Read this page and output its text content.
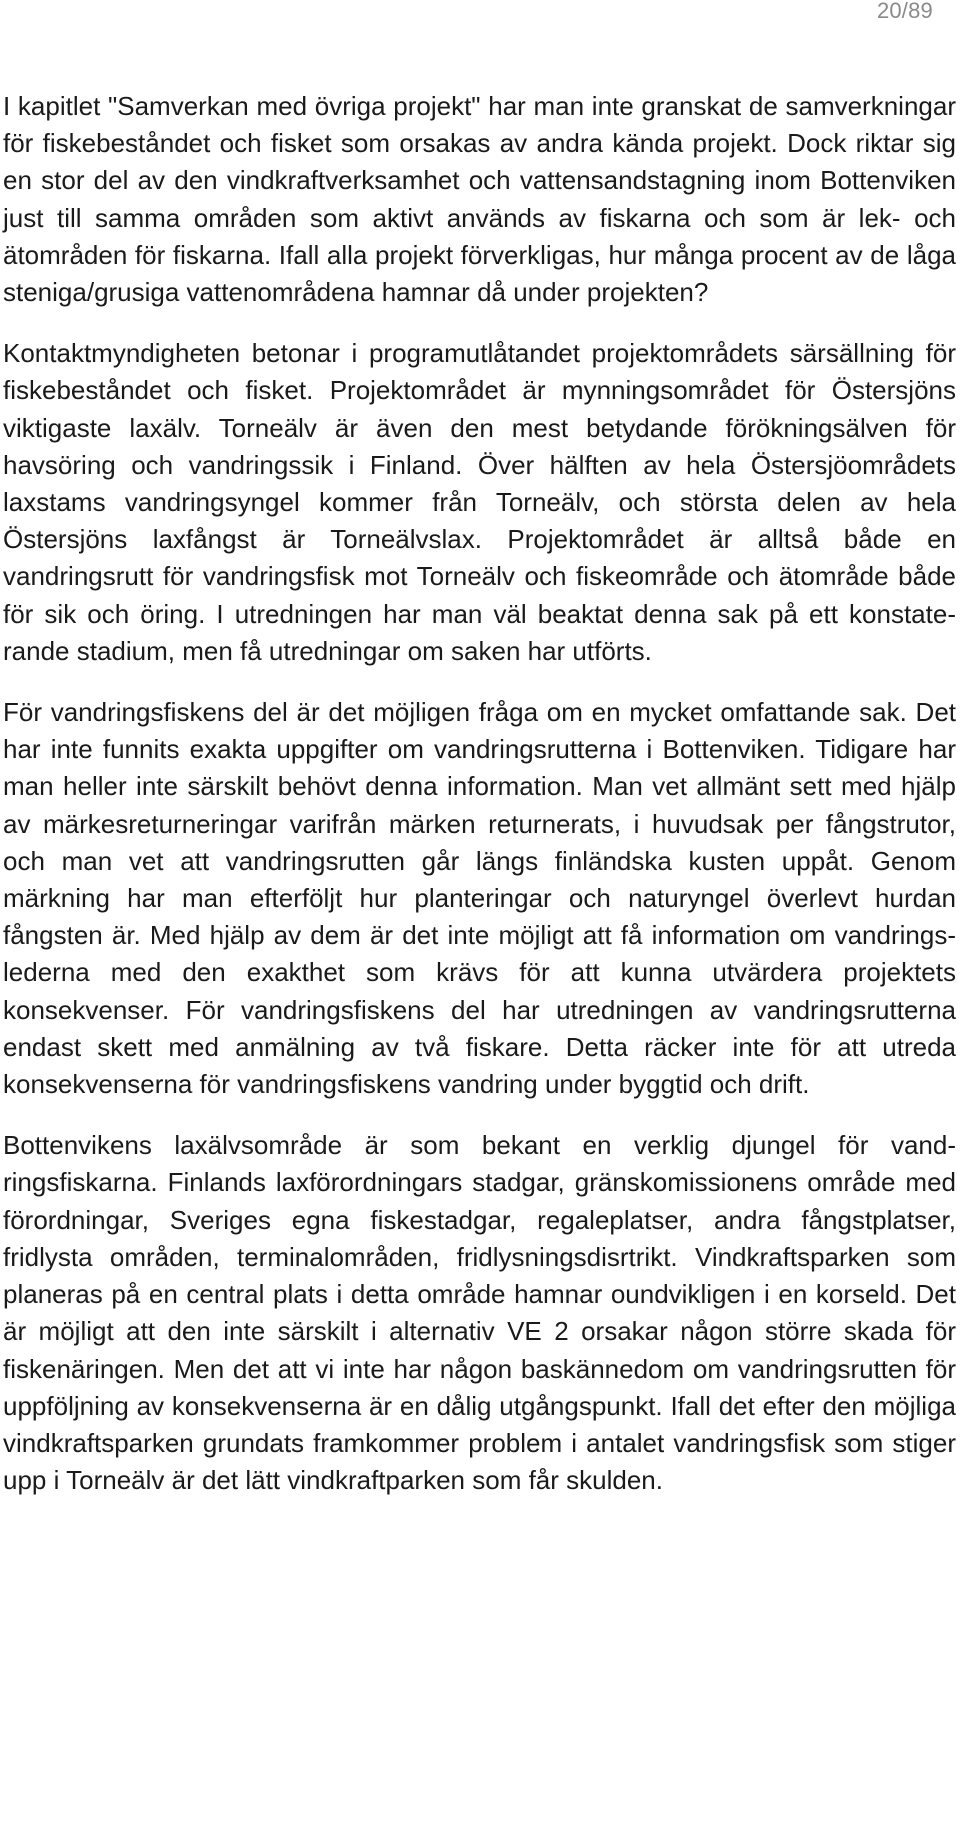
20/89

I kapitlet "Samverkan med övriga projekt" har man inte granskat de samverkningar för fiskebeståndet och fisket som orsakas av andra kända projekt. Dock riktar sig en stor del av den vindkraftverksamhet och vattensandstagning inom Bottenviken just till samma områden som aktivt används av fiskarna och som är lek- och ätområden för fiskarna. Ifall alla projekt förverkligas, hur många procent av de låga steniga/grusiga vattenområdena hamnar då under projekten?

Kontaktmyndigheten betonar i programutlåtandet projektområdets särsällning för fiskebeståndet och fisket. Projektområdet är mynningsområdet för Östersjöns viktigaste laxälv. Torneälv är även den mest betydande förökningsälven för havsöring och vandringssik i Finland. Över hälften av hela Östersjöområdets laxstams vandringsyngel kommer från Torneälv, och största delen av hela Östersjöns laxfångst är Torneälvslax. Projektområdet är alltså både en vandringsrutt för vandringsfisk mot Torneälv och fiskeområde och ätområde både för sik och öring. I utredningen har man väl beaktat denna sak på ett konstaterande stadium, men få utredningar om saken har utförts.

För vandringsfiskens del är det möjligen fråga om en mycket omfattande sak. Det har inte funnits exakta uppgifter om vandringsrutterna i Bottenviken. Tidigare har man heller inte särskilt behövt denna information. Man vet allmänt sett med hjälp av märkesreturneringar varifrån märken returnerats, i huvudsak per fångstrutor, och man vet att vandringsrutten går längs finländska kusten uppåt. Genom märkning har man efterföljt hur planteringar och naturyngel överlevt hurdan fångsten är. Med hjälp av dem är det inte möjligt att få information om vandringslederna med den exakthet som krävs för att kunna utvärdera projektets konsekvenser. För vandringsfiskens del har utredningen av vandringsrutterna endast skett med anmälning av två fiskare. Detta räcker inte för att utreda konsekvenserna för vandringsfiskens vandring under byggtid och drift.

Bottenvikens laxälvsområde är som bekant en verklig djungel för vandringsfiskarna. Finlands laxförordningars stadgar, gränskomissionens område med förordningar, Sveriges egna fiskestadgar, regaleplatser, andra fångstplatser, fridlysta områden, terminalområden, fridlysningsdisrtrikt. Vindkraftsparken som planeras på en central plats i detta område hamnar oundvikligen i en korseld. Det är möjligt att den inte särskilt i alternativ VE 2 orsakar någon större skada för fiskenäringen. Men det att vi inte har någon baskännedom om vandringsrutten för uppföljning av konsekvenserna är en dålig utgångspunkt. Ifall det efter den möjliga vindkraftsparken grundats framkommer problem i antalet vandringsfisk som stiger upp i Torneälv är det lätt vindkraftparken som får skulden.
